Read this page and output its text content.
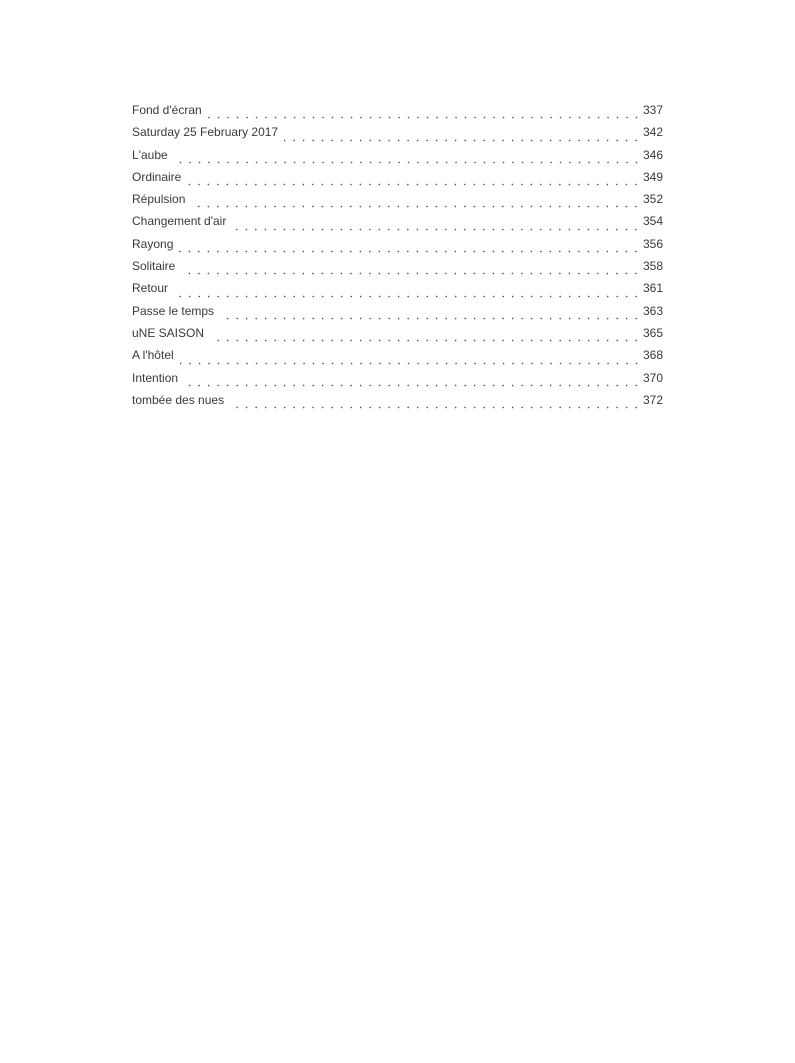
Fond d'écran	337
Saturday 25 February 2017	342
L'aube	346
Ordinaire	349
Répulsion	352
Changement d'air	354
Rayong	356
Solitaire	358
Retour	361
Passe le temps	363
uNE SAISON	365
A l'hôtel	368
Intention	370
tombée des nues	372
